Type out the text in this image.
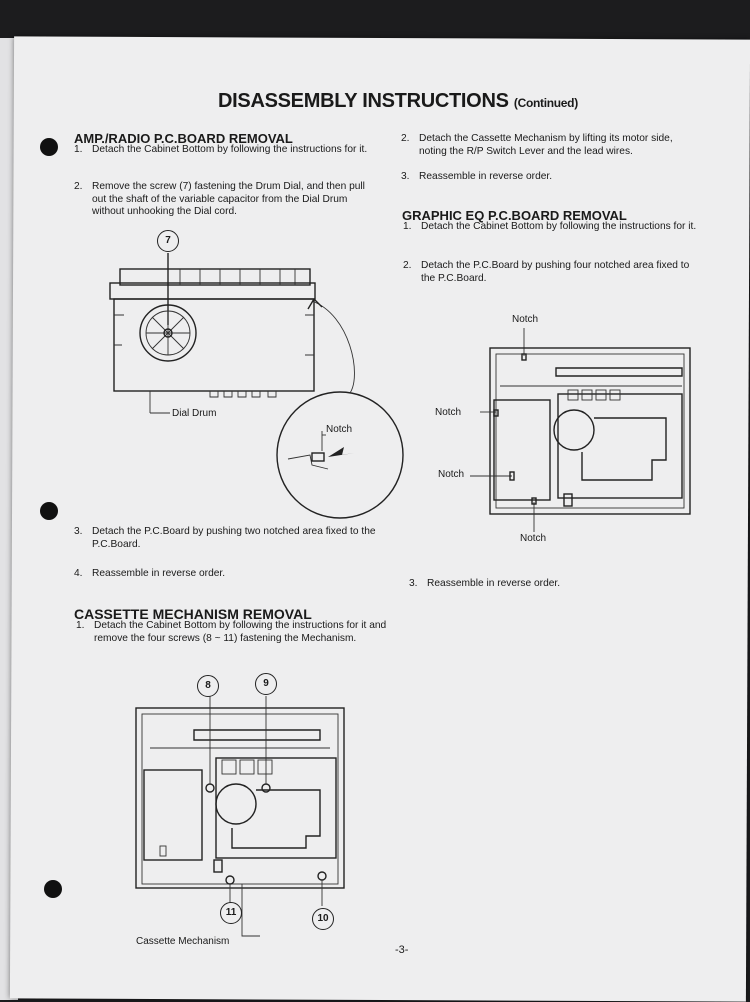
DISASSEMBLY INSTRUCTIONS (Continued)
AMP./RADIO P.C.BOARD REMOVAL
1. Detach the Cabinet Bottom by following the instructions for it.
2. Remove the screw (7) fastening the Drum Dial, and then pull out the shaft of the variable capacitor from the Dial Drum without unhooking the Dial cord.
7
Dial Drum
Notch
3. Detach the P.C.Board by pushing two notched area fixed to the P.C.Board.
4. Reassemble in reverse order.
CASSETTE MECHANISM REMOVAL
1. Detach the Cabinet Bottom by following the instructions for it and remove the four screws (8 ~ 11) fastening the Mechanism.
8	9
11
10
Cassette Mechanism
2. Detach the Cassette Mechanism by lifting its motor side, noting the R/P Switch Lever and the lead wires.
3. Reassemble in reverse order.
GRAPHIC EQ P.C.BOARD REMOVAL
1. Detach the Cabinet Bottom by following the instructions for it.
2. Detach the P.C.Board by pushing four notched area fixed to the P.C.Board.
Notch
Notch
Notch
Notch
3. Reassemble in reverse order.
-3-
